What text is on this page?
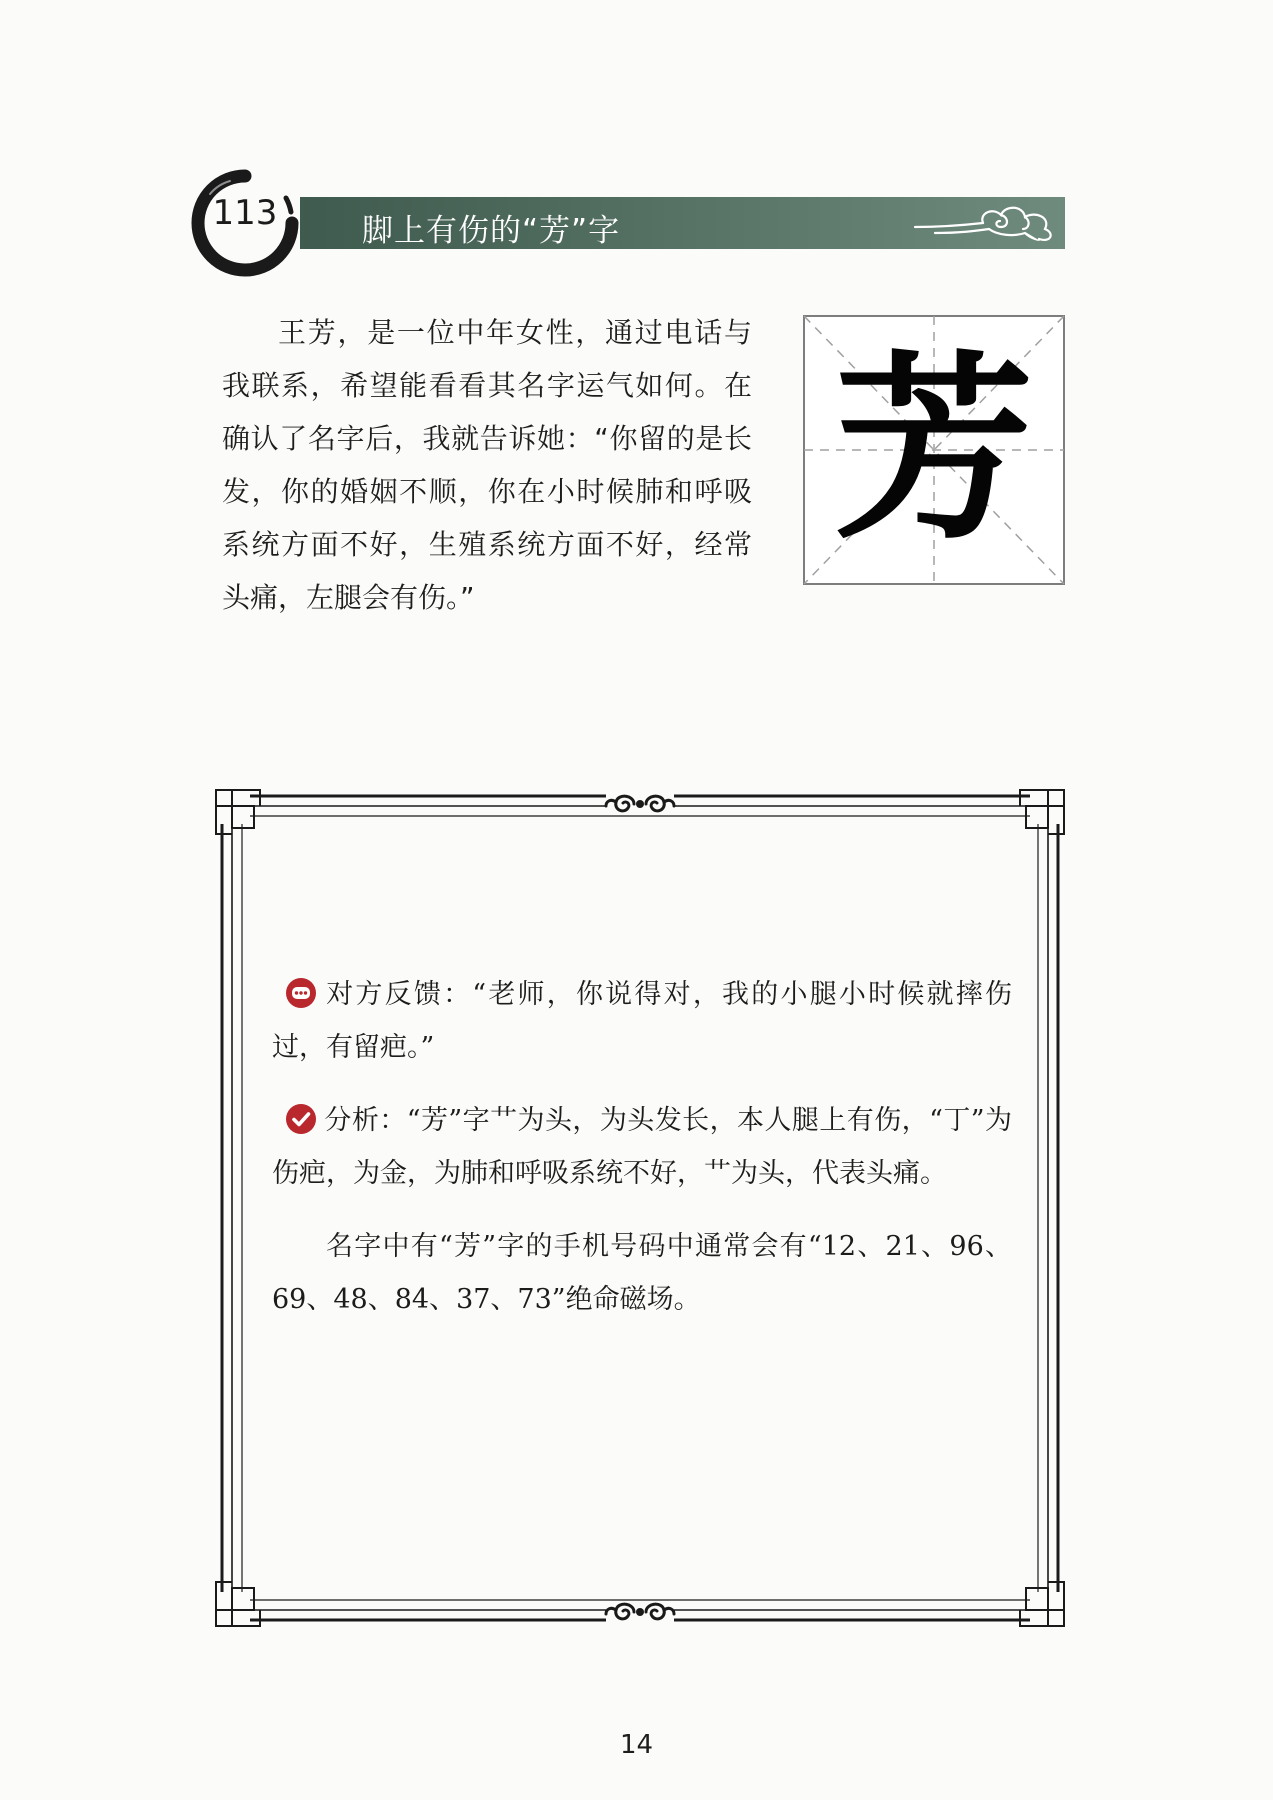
脚上有伤的“芳”字
113

王芳，是一位中年女性，通过电话与我联系，希望能看看其名字运气如何。在确认了名字后，我就告诉她：“你留的是长发，你的婚姻不顺，你在小时候肺和呼吸系统方面不好，生殖系统方面不好，经常头痛，左腿会有伤。”

芳

对方反馈：“老师，你说得对，我的小腿小时候就摔伤过，有留疤。”

分析：“芳”字艹为头，为头发长，本人腿上有伤，“丁”为伤疤，为金，为肺和呼吸系统不好，艹为头，代表头痛。

名字中有“芳”字的手机号码中通常会有“12、21、96、69、48、84、37、73”绝命磁场。

14
